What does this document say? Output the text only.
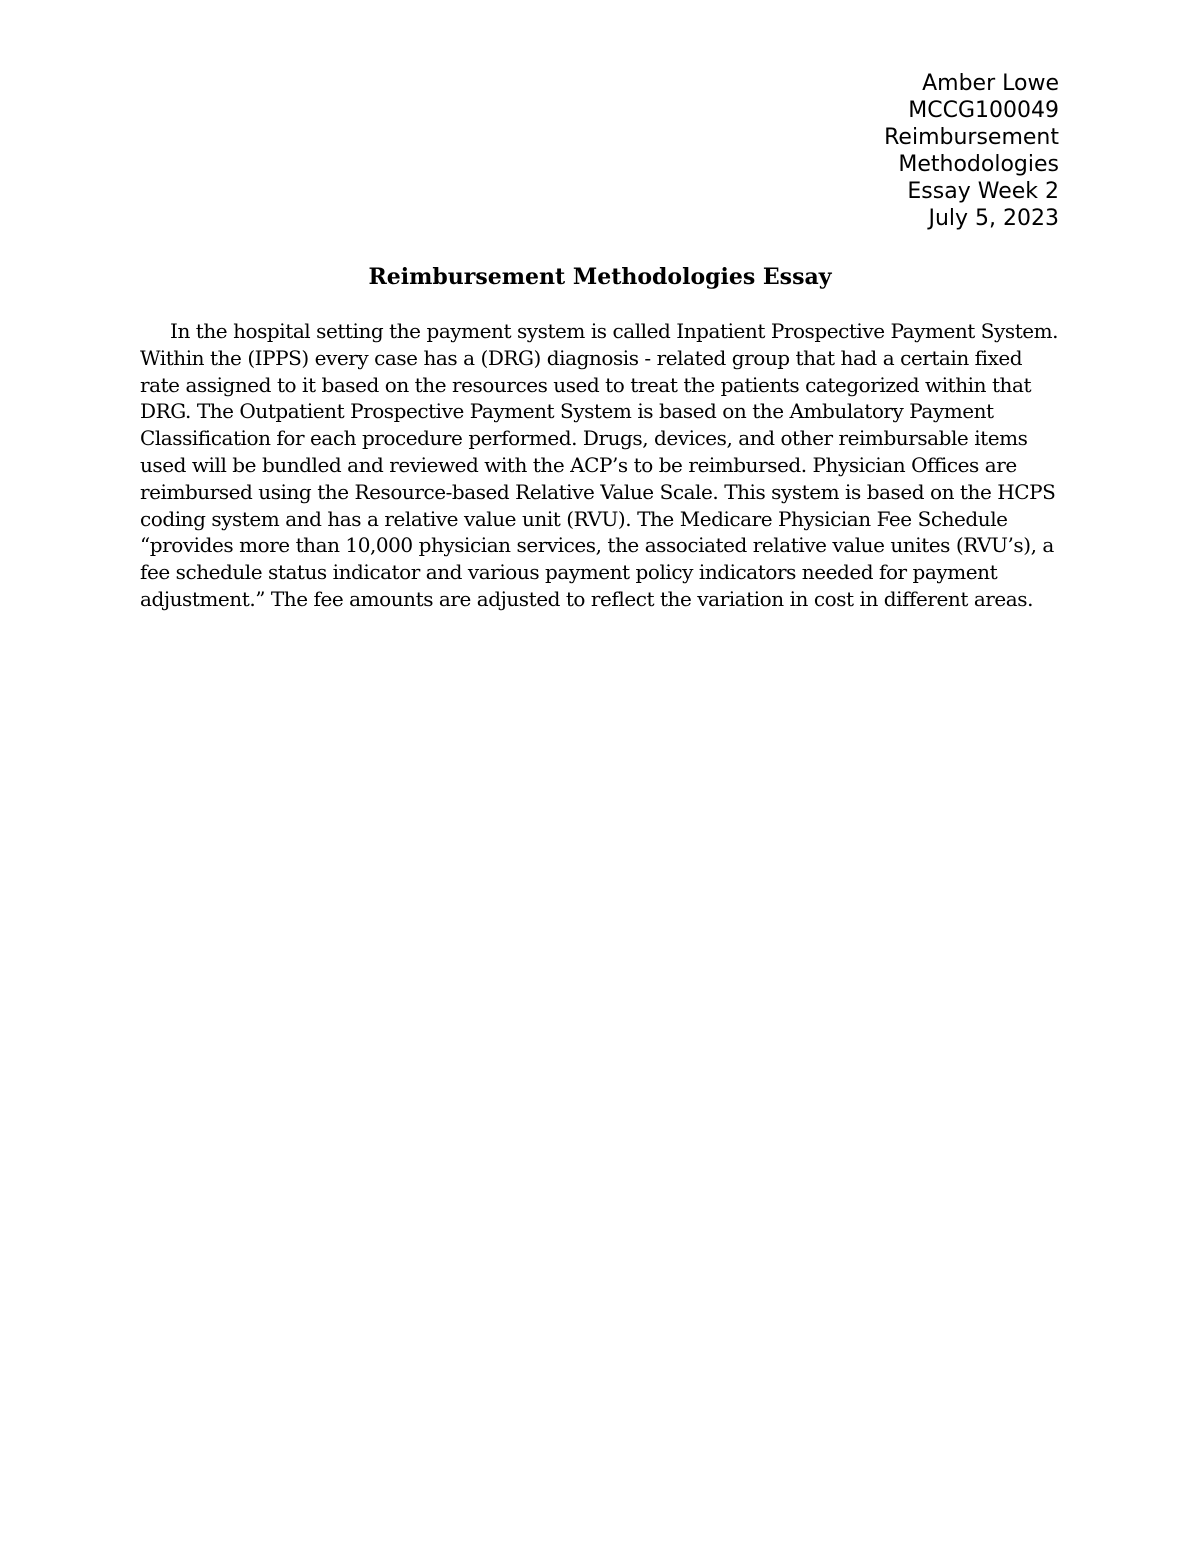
Amber Lowe
MCCG100049
Reimbursement
Methodologies
Essay Week 2
July 5, 2023
Reimbursement Methodologies Essay

In the hospital setting the payment system is called Inpatient Prospective Payment System. Within the (IPPS) every case has a (DRG) diagnosis - related group that had a certain fixed rate assigned to it based on the resources used to treat the patients categorized within that DRG. The Outpatient Prospective Payment System is based on the Ambulatory Payment Classification for each procedure performed. Drugs, devices, and other reimbursable items used will be bundled and reviewed with the ACP’s to be reimbursed. Physician Offices are reimbursed using the Resource-based Relative Value Scale. This system is based on the HCPS coding system and has a relative value unit (RVU). The Medicare Physician Fee Schedule “provides more than 10,000 physician services, the associated relative value unites (RVU’s), a fee schedule status indicator and various payment policy indicators needed for payment adjustment.” The fee amounts are adjusted to reflect the variation in cost in different areas.
